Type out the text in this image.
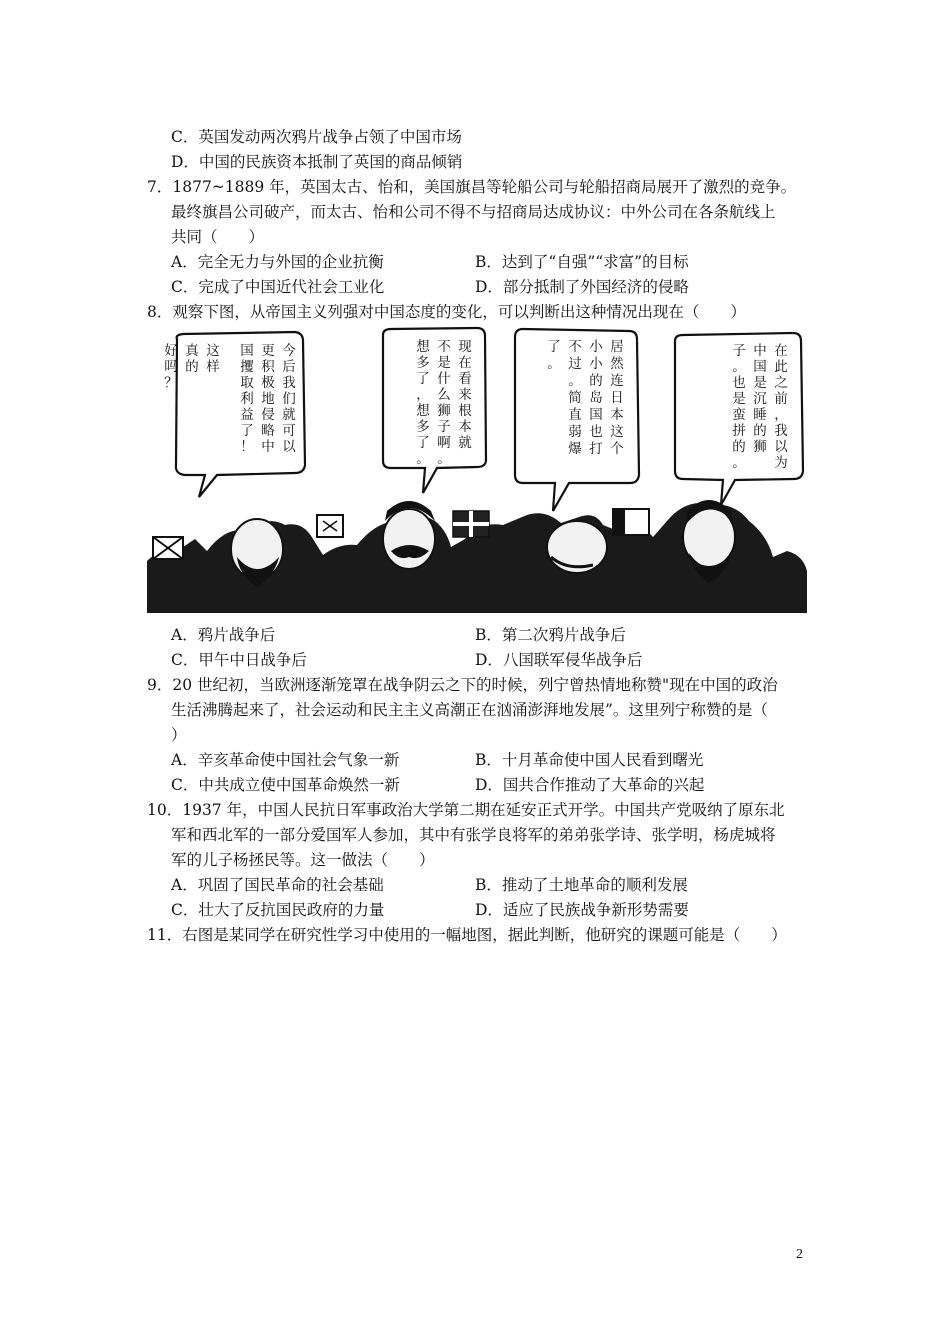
C．英国发动两次鸦片战争占领了中国市场
D．中国的民族资本抵制了英国的商品倾销
7．1877~1889 年，英国太古、怡和，美国旗昌等轮船公司与轮船招商局展开了激烈的竞争。
最终旗昌公司破产，而太古、怡和公司不得不与招商局达成协议：中外公司在各条航线上
共同（　　）
A．完全无力与外国的企业抗衡	B．达到了“自强”“求富”的目标
C．完成了中国近代社会工业化	D．部分抵制了外国经济的侵略
8．观察下图，从帝国主义列强对中国态度的变化，可以判断出这种情况出现在（　　）
这
样
真
的
好
吗
？
今
后
我
们
就
可
以
更
积
极
地
侵
略
中
国
攫
取
利
益
了
！
现
在
看
来
根
本
就
不
是
什
么
狮
子
啊
。
想
多
了
，
想
多
了
。
居
然
连
日
本
这
个
小
小
的
岛
国
也
打
不
过
。
简
直
弱
爆
了
。
在
此
之
前
，
我
以
为
中
国
是
沉
睡
的
狮
子
。
也
是
蛮
拼
的
。
A．鸦片战争后	B．第二次鸦片战争后
C．甲午中日战争后	D．八国联军侵华战争后
9．20 世纪初，当欧洲逐渐笼罩在战争阴云之下的时候，列宁曾热情地称赞"现在中国的政治
生活沸腾起来了，社会运动和民主主义高潮正在汹涌澎湃地发展”。这里列宁称赞的是（
）
A．辛亥革命使中国社会气象一新	B．十月革命使中国人民看到曙光
C．中共成立使中国革命焕然一新	D．国共合作推动了大革命的兴起
10．1937 年，中国人民抗日军事政治大学第二期在延安正式开学。中国共产党吸纳了原东北
军和西北军的一部分爱国军人参加，其中有张学良将军的弟弟张学诗、张学明，杨虎城将
军的儿子杨拯民等。这一做法（　　）
A．巩固了国民革命的社会基础	B．推动了土地革命的顺利发展
C．壮大了反抗国民政府的力量	D．适应了民族战争新形势需要
11．右图是某同学在研究性学习中使用的一幅地图，据此判断，他研究的课题可能是（　　）
2
